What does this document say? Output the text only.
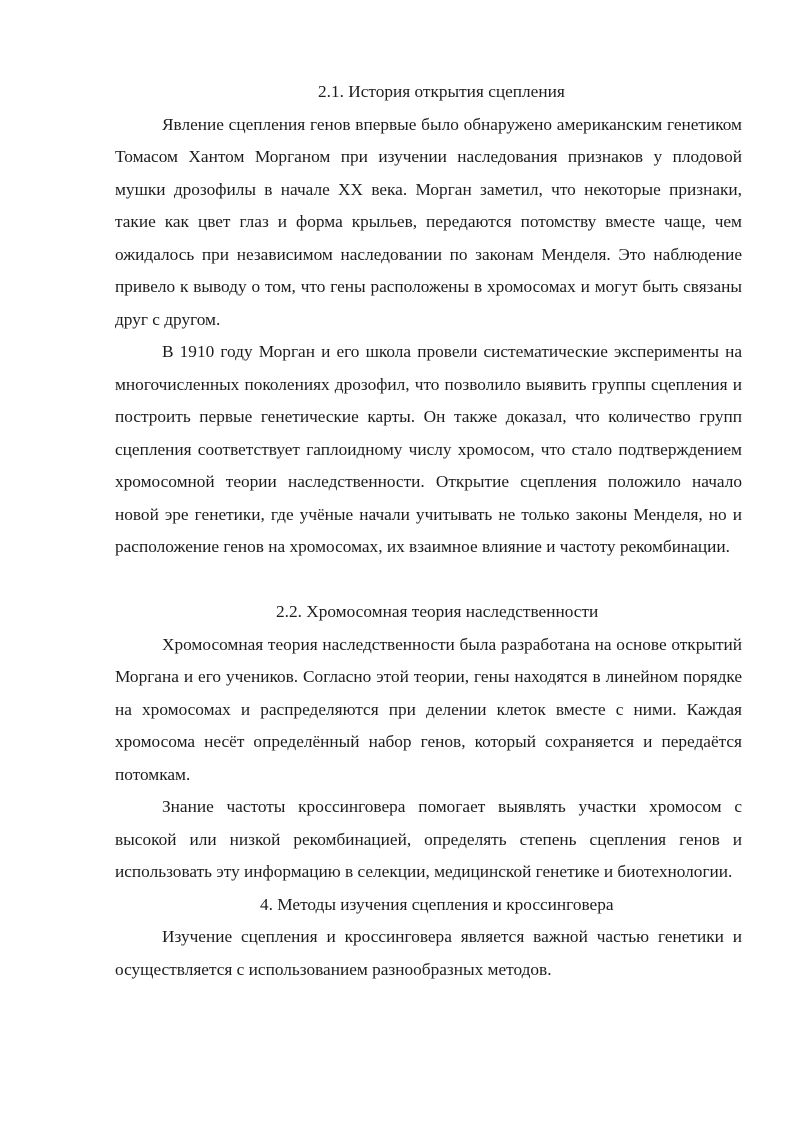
2.1. История открытия сцепления

Явление сцепления генов впервые было обнаружено американским генетиком Томасом Хантом Морганом при изучении наследования признаков у плодовой мушки дрозофилы в начале XX века. Морган заметил, что некоторые признаки, такие как цвет глаз и форма крыльев, передаются потомству вместе чаще, чем ожидалось при независимом наследовании по законам Менделя. Это наблюдение привело к выводу о том, что гены расположены в хромосомах и могут быть связаны друг с другом.

В 1910 году Морган и его школа провели систематические эксперименты на многочисленных поколениях дрозофил, что позволило выявить группы сцепления и построить первые генетические карты. Он также доказал, что количество групп сцепления соответствует гаплоидному числу хромосом, что стало подтверждением хромосомной теории наследственности. Открытие сцепления положило начало новой эре генетики, где учёные начали учитывать не только законы Менделя, но и расположение генов на хромосомах, их взаимное влияние и частоту рекомбинации.

2.2. Хромосомная теория наследственности

Хромосомная теория наследственности была разработана на основе открытий Моргана и его учеников. Согласно этой теории, гены находятся в линейном порядке на хромосомах и распределяются при делении клеток вместе с ними. Каждая хромосома несёт определённый набор генов, который сохраняется и передаётся потомкам.

Знание частоты кроссинговера помогает выявлять участки хромосом с высокой или низкой рекомбинацией, определять степень сцепления генов и использовать эту информацию в селекции, медицинской генетике и биотехнологии.

4. Методы изучения сцепления и кроссинговера

Изучение сцепления и кроссинговера является важной частью генетики и осуществляется с использованием разнообразных методов.
